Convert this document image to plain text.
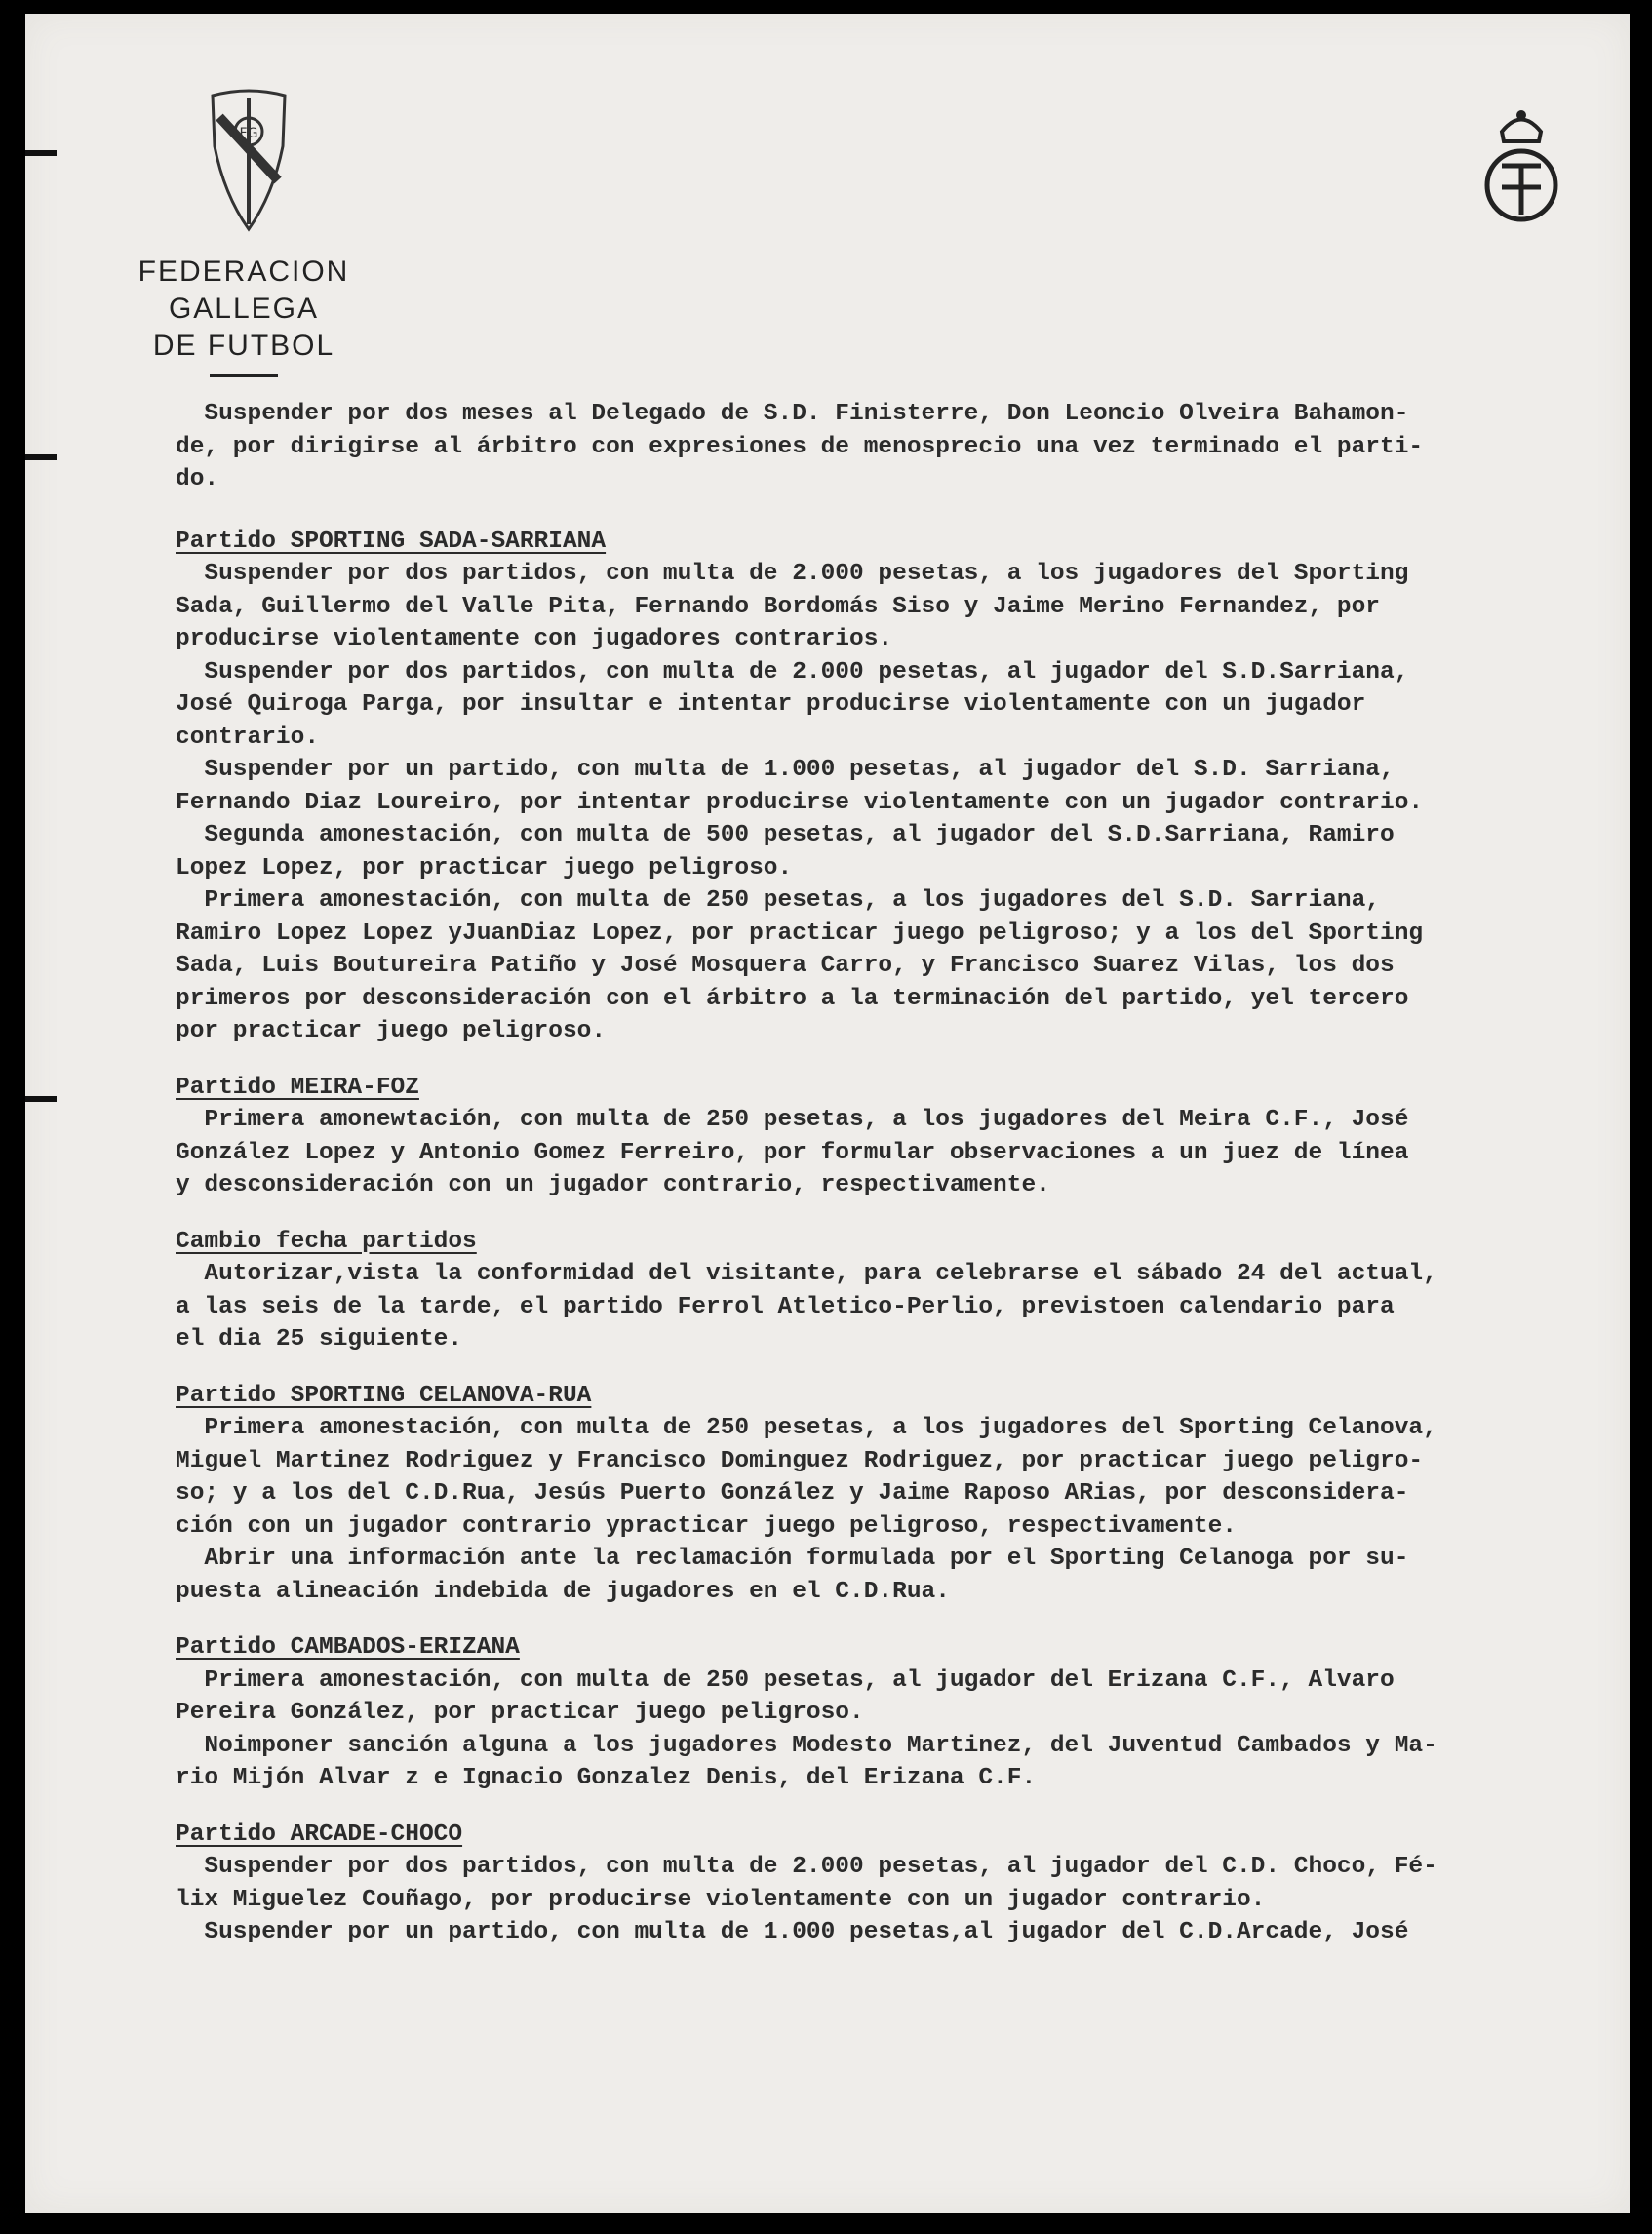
FG
FEDERACION GALLEGA
DE FUTBOL

Suspender por dos meses al Delegado de S.D. Finisterre, Don Leoncio Olveira Bahamon-
de, por dirigirse al árbitro con expresiones de menosprecio una vez terminado el parti-
do.

Partido SPORTING SADA-SARRIANA

Suspender por dos partidos, con multa de 2.000 pesetas, a los jugadores del Sporting
Sada, Guillermo del Valle Pita, Fernando Bordomás Siso y Jaime Merino Fernandez, por
producirse violentamente con jugadores contrarios.

Suspender por dos partidos, con multa de 2.000 pesetas, al jugador del S.D.Sarriana,
José Quiroga Parga, por insultar e intentar producirse violentamente con un jugador
contrario.

Suspender por un partido, con multa de 1.000 pesetas, al jugador del S.D. Sarriana,
Fernando Diaz Loureiro, por intentar producirse violentamente con un jugador contrario.

Segunda amonestación, con multa de 500 pesetas, al jugador del S.D.Sarriana, Ramiro
Lopez Lopez, por practicar juego peligroso.

Primera amonestación, con multa de 250 pesetas, a los jugadores del S.D. Sarriana,
Ramiro Lopez Lopez yJuanDiaz Lopez, por practicar juego peligroso; y a los del Sporting
Sada, Luis Boutureira Patiño y José Mosquera Carro, y Francisco Suarez Vilas, los dos
primeros por desconsideración con el árbitro a la terminación del partido, yel tercero
por practicar juego peligroso.

Partido MEIRA-FOZ

Primera amonewtación, con multa de 250 pesetas, a los jugadores del Meira C.F., José
González Lopez y Antonio Gomez Ferreiro, por formular observaciones a un juez de línea
y desconsideración con un jugador contrario, respectivamente.

Cambio fecha partidos

Autorizar,vista la conformidad del visitante, para celebrarse el sábado 24 del actual,
a las seis de la tarde, el partido Ferrol Atletico-Perlio, previstoen calendario para
el dia 25 siguiente.

Partido SPORTING CELANOVA-RUA

Primera amonestación, con multa de 250 pesetas, a los jugadores del Sporting Celanova,
Miguel Martinez Rodriguez y Francisco Dominguez Rodriguez, por practicar juego peligro-
so; y a los del C.D.Rua, Jesús Puerto González y Jaime Raposo ARias, por desconsidera-
ción con un jugador contrario ypracticar juego peligroso, respectivamente.

Abrir una información ante la reclamación formulada por el Sporting Celanoga por su-
puesta alineación indebida de jugadores en el C.D.Rua.

Partido CAMBADOS-ERIZANA

Primera amonestación, con multa de 250 pesetas, al jugador del Erizana C.F., Alvaro
Pereira González, por practicar juego peligroso.

Noimponer sanción alguna a los jugadores Modesto Martinez, del Juventud Cambados y Ma-
rio Mijón Alvar z e Ignacio Gonzalez Denis, del Erizana C.F.

Partido ARCADE-CHOCO

Suspender por dos partidos, con multa de 2.000 pesetas, al jugador del C.D. Choco, Fé-
lix Miguelez Couñago, por producirse violentamente con un jugador contrario.

Suspender por un partido, con multa de 1.000 pesetas,al jugador del C.D.Arcade, José
